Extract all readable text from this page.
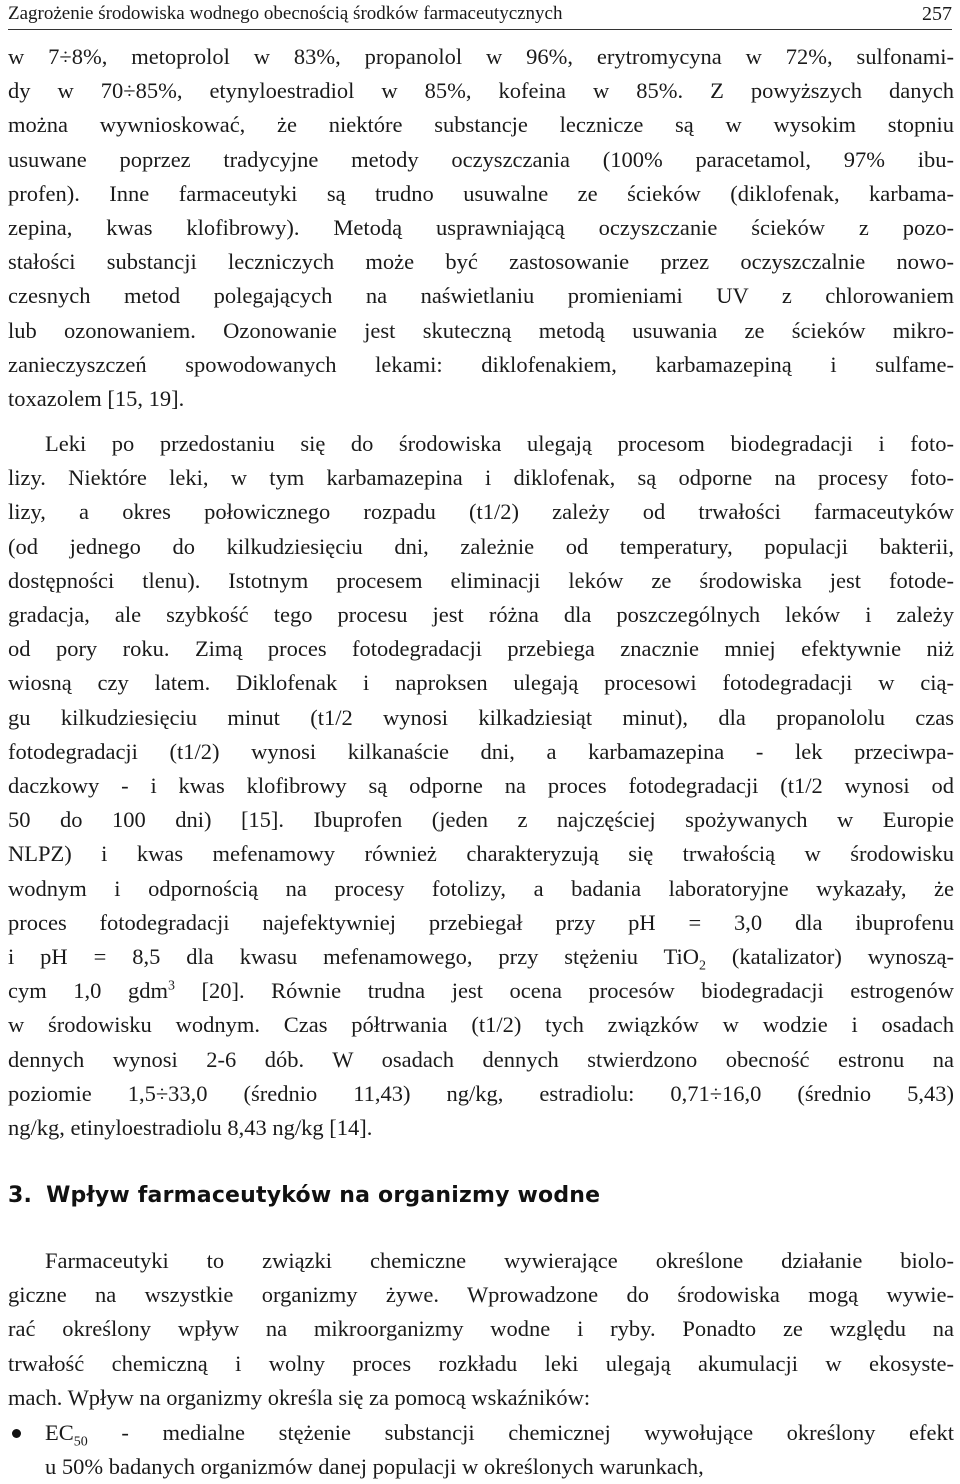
Zagrożenie środowiska wodnego obecnością środków farmaceutycznych	257
w 7÷8%, metoprolol w 83%, propanolol w 96%, erytromycyna w 72%, sulfonami-
dy w 70÷85%, etynyloestradiol w 85%, kofeina w 85%. Z powyższych danych
można wywnioskować, że niektóre substancje lecznicze są w wysokim stopniu
usuwane poprzez tradycyjne metody oczyszczania (100% paracetamol, 97% ibu-
profen). Inne farmaceutyki są trudno usuwalne ze ścieków (diklofenak, karbama-
zepina, kwas klofibrowy). Metodą usprawniającą oczyszczanie ścieków z pozo-
stałości substancji leczniczych może być zastosowanie przez oczyszczalnie nowo-
czesnych metod polegających na naświetlaniu promieniami UV z chlorowaniem
lub ozonowaniem. Ozonowanie jest skuteczną metodą usuwania ze ścieków mikro-
zanieczyszczeń spowodowanych lekami: diklofenakiem, karbamazepiną i sulfame-
toxazolem [15, 19].
Leki po przedostaniu się do środowiska ulegają procesom biodegradacji i foto-
lizy. Niektóre leki, w tym karbamazepina i diklofenak, są odporne na procesy foto-
lizy, a okres połowicznego rozpadu (t1/2) zależy od trwałości farmaceutyków
(od jednego do kilkudziesięciu dni, zależnie od temperatury, populacji bakterii,
dostępności tlenu). Istotnym procesem eliminacji leków ze środowiska jest fotode-
gradacja, ale szybkość tego procesu jest różna dla poszczególnych leków i zależy
od pory roku. Zimą proces fotodegradacji przebiega znacznie mniej efektywnie niż
wiosną czy latem. Diklofenak i naproksen ulegają procesowi fotodegradacji w cią-
gu kilkudziesięciu minut (t1/2 wynosi kilkadziesiąt minut), dla propanololu czas
fotodegradacji (t1/2) wynosi kilkanaście dni, a karbamazepina - lek przeciwpa-
daczkowy - i kwas klofibrowy są odporne na proces fotodegradacji (t1/2 wynosi od
50 do 100 dni) [15]. Ibuprofen (jeden z najczęściej spożywanych w Europie
NLPZ) i kwas mefenamowy również charakteryzują się trwałością w środowisku
wodnym i odpornością na procesy fotolizy, a badania laboratoryjne wykazały, że
proces fotodegradacji najefektywniej przebiegał przy pH = 3,0 dla ibuprofenu
i pH = 8,5 dla kwasu mefenamowego, przy stężeniu TiO$_2$ (katalizator) wynoszą-
cym 1,0 gdm$^3$ [20]. Równie trudna jest ocena procesów biodegradacji estrogenów
w środowisku wodnym. Czas półtrwania (t1/2) tych związków w wodzie i osadach
dennych wynosi 2-6 dób. W osadach dennych stwierdzono obecność estronu na
poziomie 1,5÷33,0 (średnio 11,43) ng/kg, estradiolu: 0,71÷16,0 (średnio 5,43)
ng/kg, etinyloestradiolu 8,43 ng/kg [14].
3. Wpływ farmaceutyków na organizmy wodne
Farmaceutyki to związki chemiczne wywierające określone działanie biolo-
giczne na wszystkie organizmy żywe. Wprowadzone do środowiska mogą wywie-
rać określony wpływ na mikroorganizmy wodne i ryby. Ponadto ze względu na
trwałość chemiczną i wolny proces rozkładu leki ulegają akumulacji w ekosyste-
mach. Wpływ na organizmy określa się za pomocą wskaźników:
$EC_{50}$ - medialne stężenie substancji chemicznej wywołujące określony efekt
u 50% badanych organizmów danej populacji w określonych warunkach,
